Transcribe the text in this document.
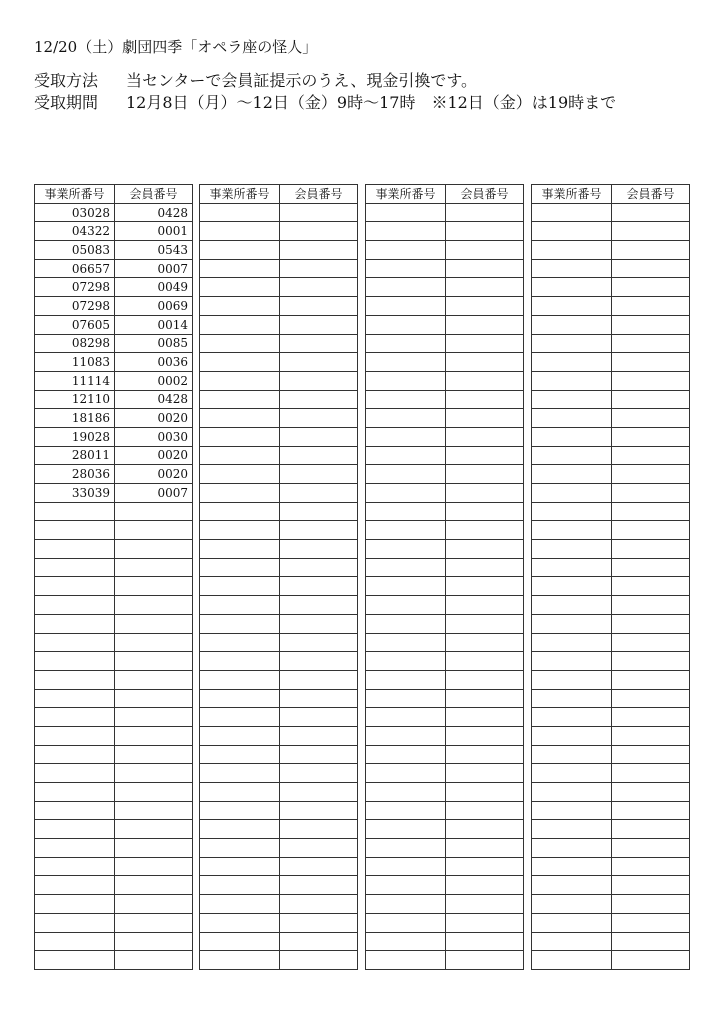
12/20（土）劇団四季「オペラ座の怪人」
受取方法 当センターで会員証提示のうえ、現金引換です。
受取期間 12月8日（月）～12日（金）9時～17時　※12日（金）は19時まで
事業所番号	会員番号
03028	0428
04322	0001
05083	0543
06657	0007
07298	0049
07298	0069
07605	0014
08298	0085
11083	0036
11114	0002
12110	0428
18186	0020
19028	0030
28011	0020
28036	0020
33039	0007

事業所番号	会員番号

		事業所番号	会員番号

		事業所番号	会員番号
